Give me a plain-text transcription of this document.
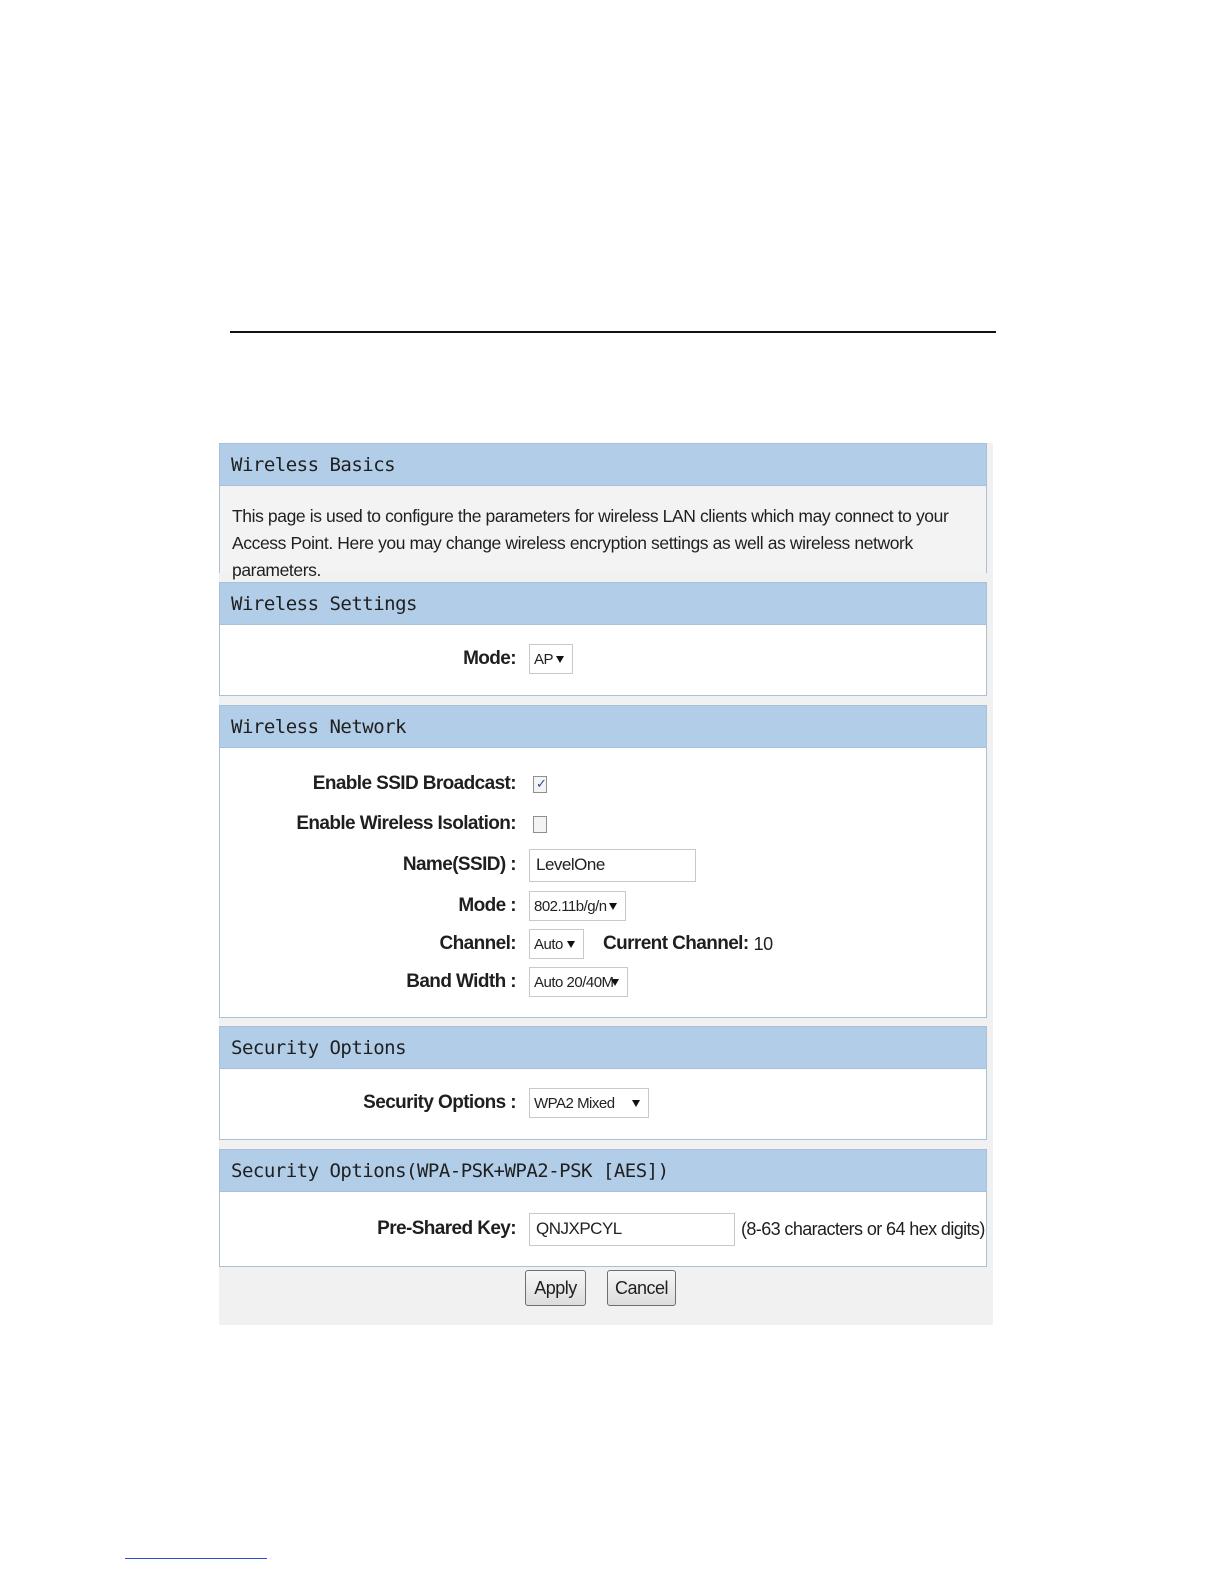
Wireless Basics
This page is used to configure the parameters for wireless LAN clients which may connect to your Access Point. Here you may change wireless encryption settings as well as wireless network parameters.
Wireless Settings
Mode: AP
Wireless Network
Enable SSID Broadcast: ✓
Enable Wireless Isolation:
Name(SSID) : LevelOne
Mode : 802.11b/g/n
Channel: Auto Current Channel: 10
Band Width : Auto 20/40M
Security Options
Security Options : WPA2 Mixed
Security Options(WPA-PSK+WPA2-PSK [AES])
Pre-Shared Key: QNJXPCYL	(8-63 characters or 64 hex digits)
Apply	Cancel
